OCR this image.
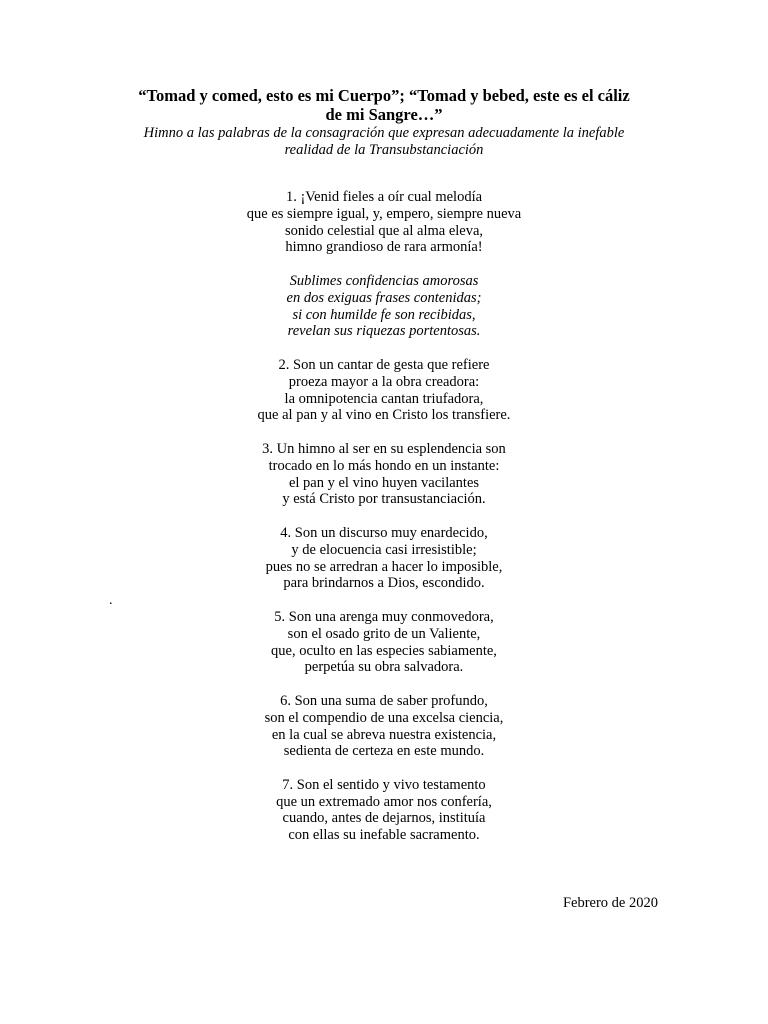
“Tomad y comed, esto es mi Cuerpo”; “Tomad y bebed, este es el cáliz
de mi Sangre…”
Himno a las palabras de la consagración que expresan adecuadamente la inefable
realidad de la Transubstanciación
1. ¡Venid fieles a oír cual melodía
que es siempre igual, y, empero, siempre nueva
sonido celestial que al alma eleva,
himno grandioso de rara armonía!
Sublimes confidencias amorosas
en dos exiguas frases contenidas;
si con humilde fe son recibidas,
revelan sus riquezas portentosas.
2. Son un cantar de gesta que refiere
proeza mayor a la obra creadora:
la omnipotencia cantan triufadora,
que al pan y al vino en Cristo los transfiere.
3. Un himno al ser en su esplendencia son
trocado en lo más hondo en un instante:
el pan y el vino huyen vacilantes
y está Cristo por transustanciación.
4. Son un discurso muy enardecido,
y de elocuencia casi irresistible;
pues no se arredran a hacer lo imposible,
para brindarnos a Dios, escondido.
5. Son una arenga muy conmovedora,
son el osado grito de un Valiente,
que, oculto en las especies sabiamente,
perpetúa su obra salvadora.
6. Son una suma de saber profundo,
son el compendio de una excelsa ciencia,
en la cual se abreva nuestra existencia,
sedienta de certeza en este mundo.
7. Son el sentido y vivo testamento
que un extremado amor nos confería,
cuando, antes de dejarnos, instituía
con ellas su inefable sacramento.
.
Febrero de 2020
